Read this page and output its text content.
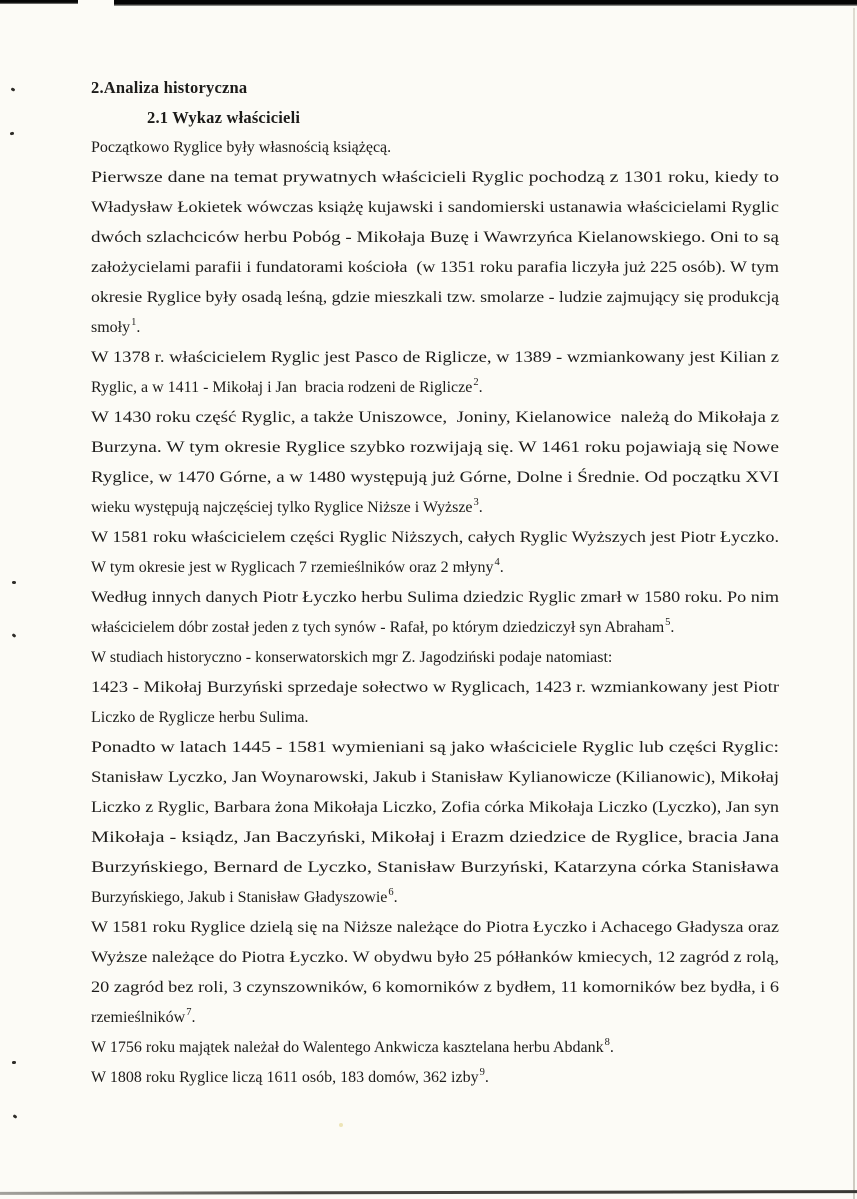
2.Analiza historyczna
2.1 Wykaz właścicieli
Początkowo Ryglice były własnością książęcą.
Pierwsze dane na temat prywatnych właścicieli Ryglic pochodzą z 1301 roku, kiedy to
Władysław Łokietek wówczas książę kujawski i sandomierski ustanawia właścicielami Ryglic
dwóch szlachciców herbu Pobóg - Mikołaja Buzę i Wawrzyńca Kielanowskiego. Oni to są
założycielami parafii i fundatorami kościoła  (w 1351 roku parafia liczyła już 225 osób). W tym
okresie Ryglice były osadą leśną, gdzie mieszkali tzw. smolarze - ludzie zajmujący się produkcją
smoły$^1$.
W 1378 r. właścicielem Ryglic jest Pasco de Riglicze, w 1389 - wzmiankowany jest Kilian z
Ryglic, a w 1411 - Mikołaj i Jan  bracia rodzeni de Riglicze$^2$.
W 1430 roku część Ryglic, a także Uniszowce,  Joniny, Kielanowice  należą do Mikołaja z
Burzyna. W tym okresie Ryglice szybko rozwijają się. W 1461 roku pojawiają się Nowe
Ryglice, w 1470 Górne, a w 1480 występują już Górne, Dolne i Średnie. Od początku XVI
wieku występują najczęściej tylko Ryglice Niższe i Wyższe$^3$.
W 1581 roku właścicielem części Ryglic Niższych, całych Ryglic Wyższych jest Piotr Łyczko.
W tym okresie jest w Ryglicach 7 rzemieślników oraz 2 młyny$^4$.
Według innych danych Piotr Łyczko herbu Sulima dziedzic Ryglic zmarł w 1580 roku. Po nim
właścicielem dóbr został jeden z tych synów - Rafał, po którym dziedziczył syn Abraham$^5$.
W studiach historyczno - konserwatorskich mgr Z. Jagodziński podaje natomiast:
1423 - Mikołaj Burzyński sprzedaje sołectwo w Ryglicach, 1423 r. wzmiankowany jest Piotr
Liczko de Ryglicze herbu Sulima.
Ponadto w latach 1445 - 1581 wymieniani są jako właściciele Ryglic lub części Ryglic:
Stanisław Lyczko, Jan Woynarowski, Jakub i Stanisław Kylianowicze (Kilianowic), Mikołaj
Liczko z Ryglic, Barbara żona Mikołaja Liczko, Zofia córka Mikołaja Liczko (Lyczko), Jan syn
Mikołaja - ksiądz, Jan Baczyński, Mikołaj i Erazm dziedzice de Ryglice, bracia Jana
Burzyńskiego, Bernard de Lyczko, Stanisław Burzyński, Katarzyna córka Stanisława
Burzyńskiego, Jakub i Stanisław Gładyszowie$^6$.
W 1581 roku Ryglice dzielą się na Niższe należące do Piotra Łyczko i Achacego Gładysza oraz
Wyższe należące do Piotra Łyczko. W obydwu było 25 półłanków kmiecych, 12 zagród z rolą,
20 zagród bez roli, 3 czynszowników, 6 komorników z bydłem, 11 komorników bez bydła, i 6
rzemieślników$^7$.
W 1756 roku majątek należał do Walentego Ankwicza kasztelana herbu Abdank$^8$.
W 1808 roku Ryglice liczą 1611 osób, 183 domów, 362 izby$^9$.
